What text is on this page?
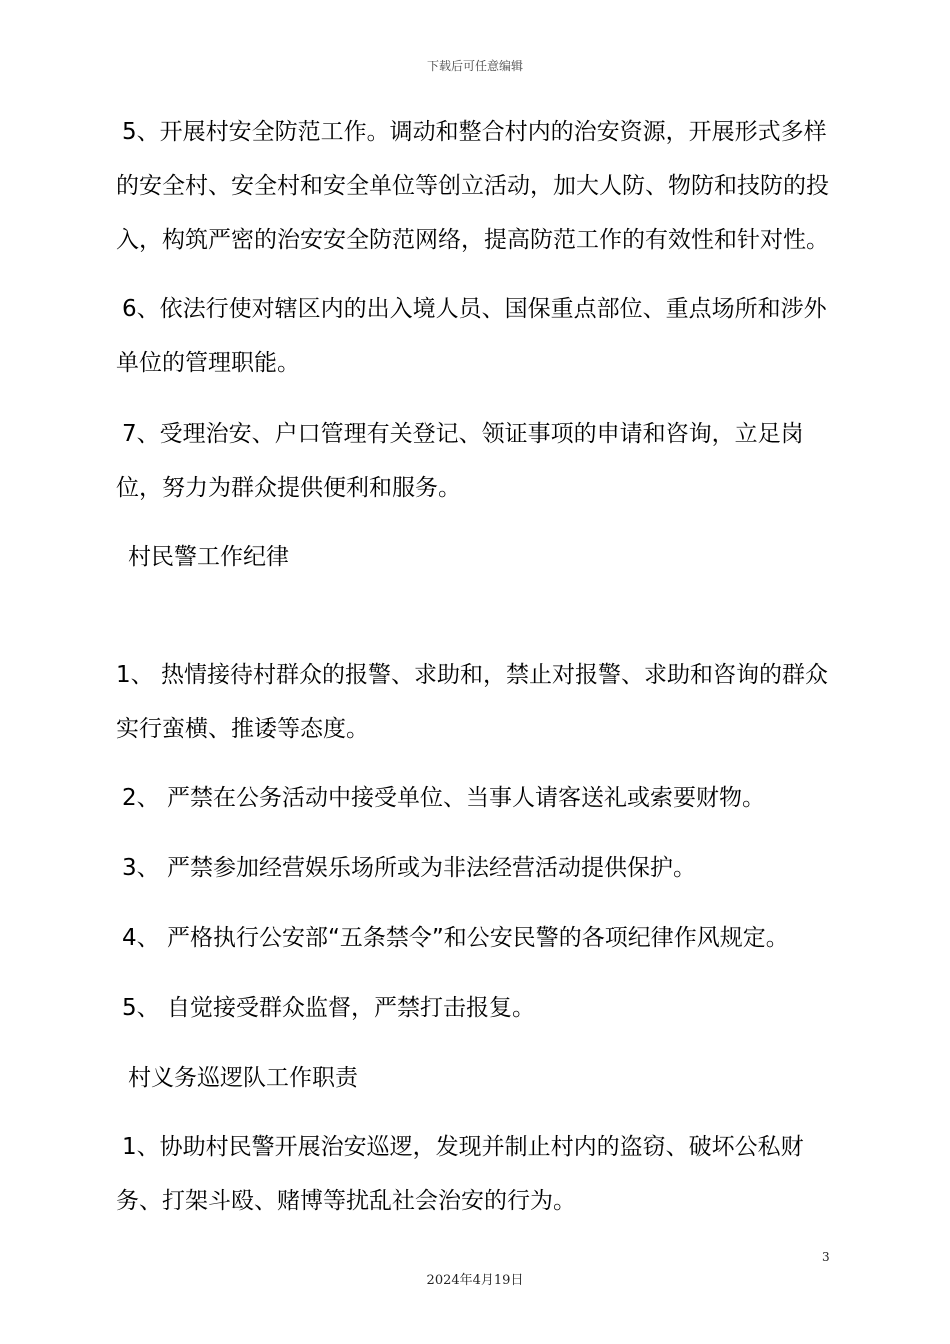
下载后可任意编辑
5、开展村安全防范工作。调动和整合村内的治安资源，开展形式多样的安全村、安全村和安全单位等创立活动，加大人防、物防和技防的投入，构筑严密的治安安全防范网络，提高防范工作的有效性和针对性。
6、依法行使对辖区内的出入境人员、国保重点部位、重点场所和涉外单位的管理职能。
7、受理治安、户口管理有关登记、领证事项的申请和咨询，立足岗位，努力为群众提供便利和服务。
村民警工作纪律
1、 热情接待村群众的报警、求助和，禁止对报警、求助和咨询的群众实行蛮横、推诿等态度。
2、 严禁在公务活动中接受单位、当事人请客送礼或索要财物。
3、 严禁参加经营娱乐场所或为非法经营活动提供保护。
4、 严格执行公安部“五条禁令”和公安民警的各项纪律作风规定。
5、 自觉接受群众监督，严禁打击报复。
村义务巡逻队工作职责
1、协助村民警开展治安巡逻，发现并制止村内的盗窃、破坏公私财务、打架斗殴、赌博等扰乱社会治安的行为。
3
2024年4月19日
